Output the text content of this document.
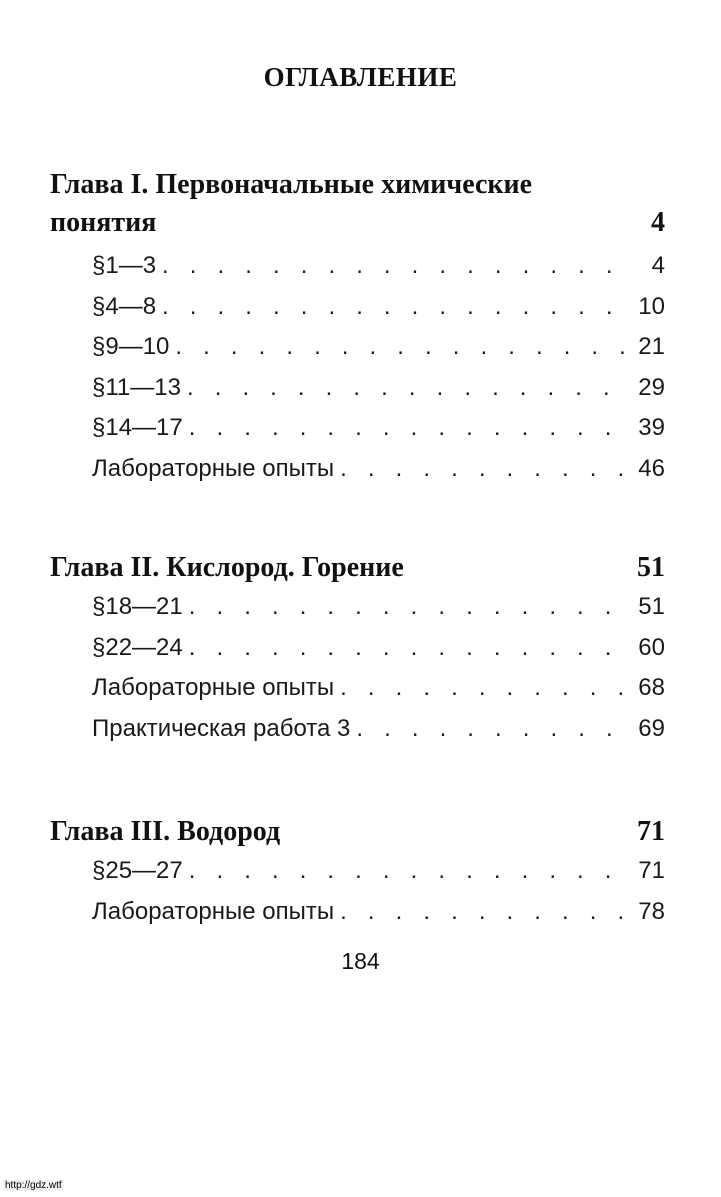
ОГЛАВЛЕНИЕ
Глава I. Первоначальные химические понятия	4
§1—3 . . .	4
§4—8 . . .	10
§9—10 . . .	21
§11—13 . . .	29
§14—17 . . .	39
Лабораторные опыты . . .	46
Глава II. Кислород. Горение	51
§18—21 . . .	51
§22—24 . . .	60
Лабораторные опыты . . .	68
Практическая работа 3 . . .	69
Глава III. Водород	71
§25—27 . . .	71
Лабораторные опыты . . .	78
184
http://gdz.wtf
